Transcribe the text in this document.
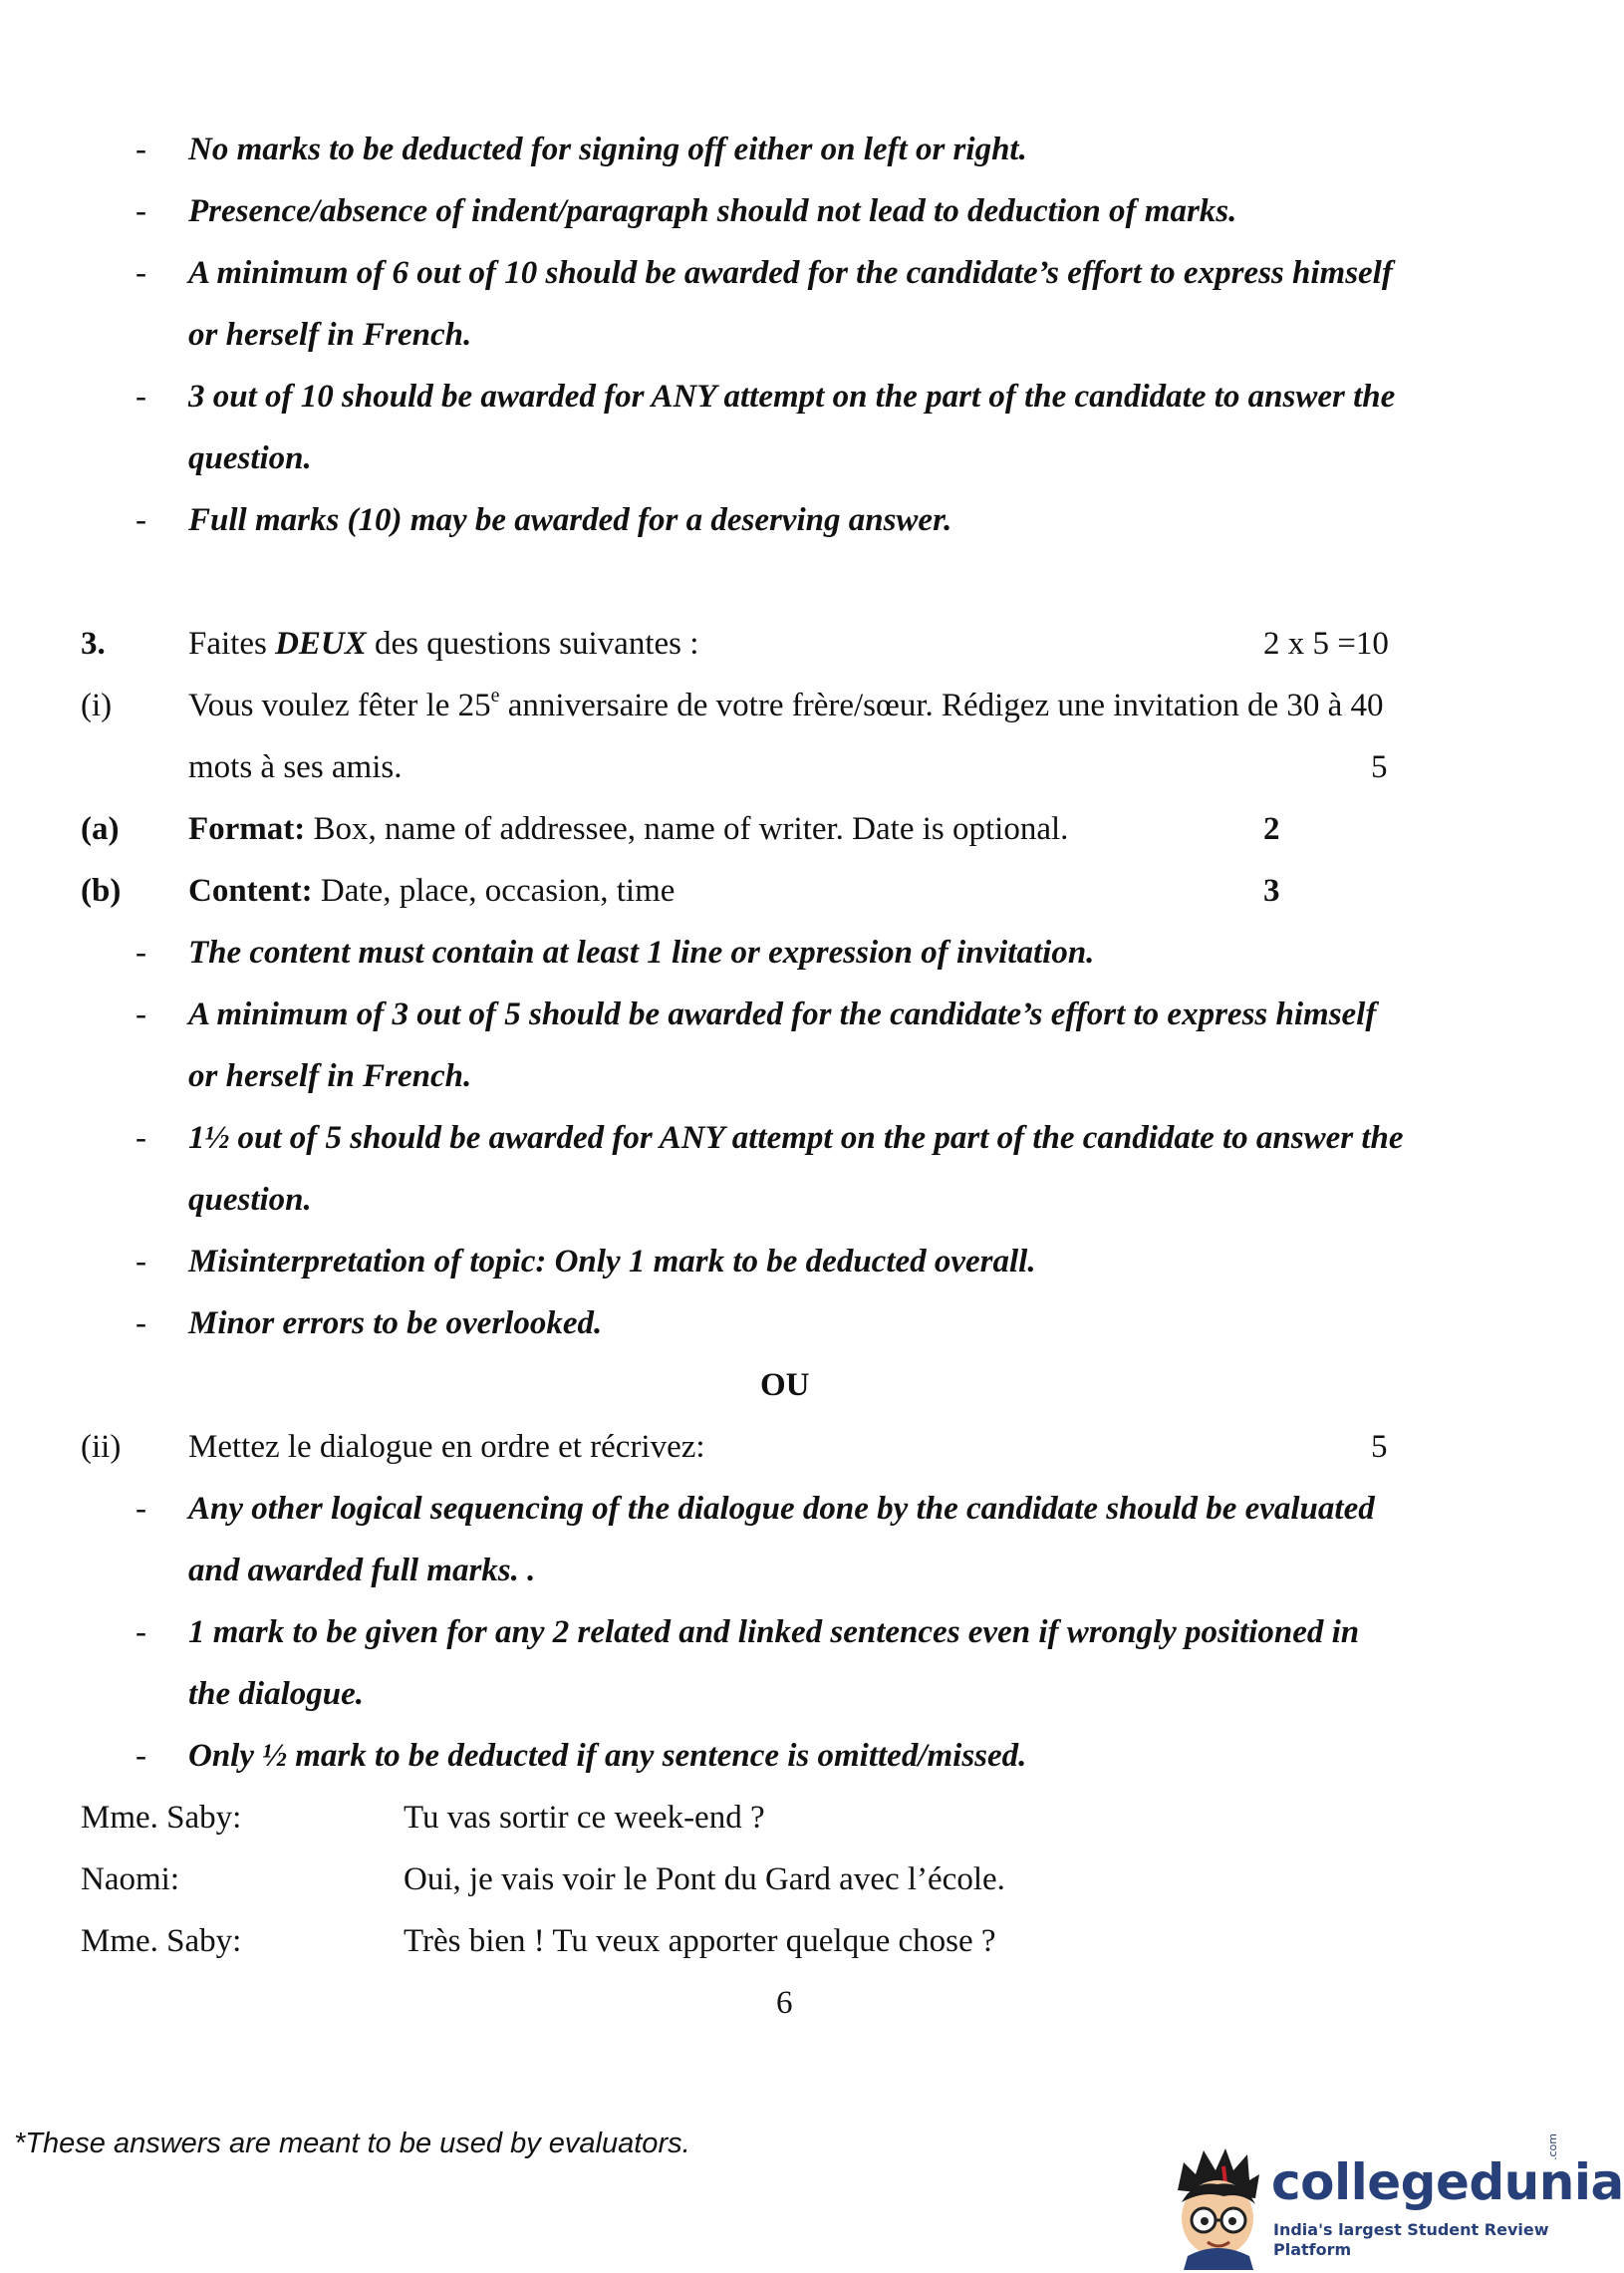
- No marks to be deducted for signing off either on left or right.
- Presence/absence of indent/paragraph should not lead to deduction of marks.
- A minimum of 6 out of 10 should be awarded for the candidate’s effort to express himself
or herself in French.
- 3 out of 10 should be awarded for ANY attempt on the part of the candidate to answer the
question.
- Full marks (10) may be awarded for a deserving answer.
3.	Faites DEUX des questions suivantes :	2 x 5 =10
(i) Vous voulez fêter le 25e anniversaire de votre frère/sœur. Rédigez une invitation de 30 à 40
mots à ses amis.	5
(a) Format: Box, name of addressee, name of writer. Date is optional.	2
(b) Content: Date, place, occasion, time	3
- The content must contain at least 1 line or expression of invitation.
- A minimum of 3 out of 5 should be awarded for the candidate’s effort to express himself
or herself in French.
- 1½ out of 5 should be awarded for ANY attempt on the part of the candidate to answer the
question.
- Misinterpretation of topic: Only 1 mark to be deducted overall.
- Minor errors to be overlooked.
OU
(ii) Mettez le dialogue en ordre et récrivez:	5
- Any other logical sequencing of the dialogue done by the candidate should be evaluated
and awarded full marks. .
- 1 mark to be given for any 2 related and linked sentences even if wrongly positioned in
the dialogue.
- Only ½ mark to be deducted if any sentence is omitted/missed.
Mme. Saby:	Tu vas sortir ce week-end ?
Naomi:	Oui, je vais voir le Pont du Gard avec l’école.
Mme. Saby:	Très bien ! Tu veux apporter quelque chose ?
6
*These answers are meant to be used by evaluators.
collegedunia
.com
India's largest Student Review Platform
